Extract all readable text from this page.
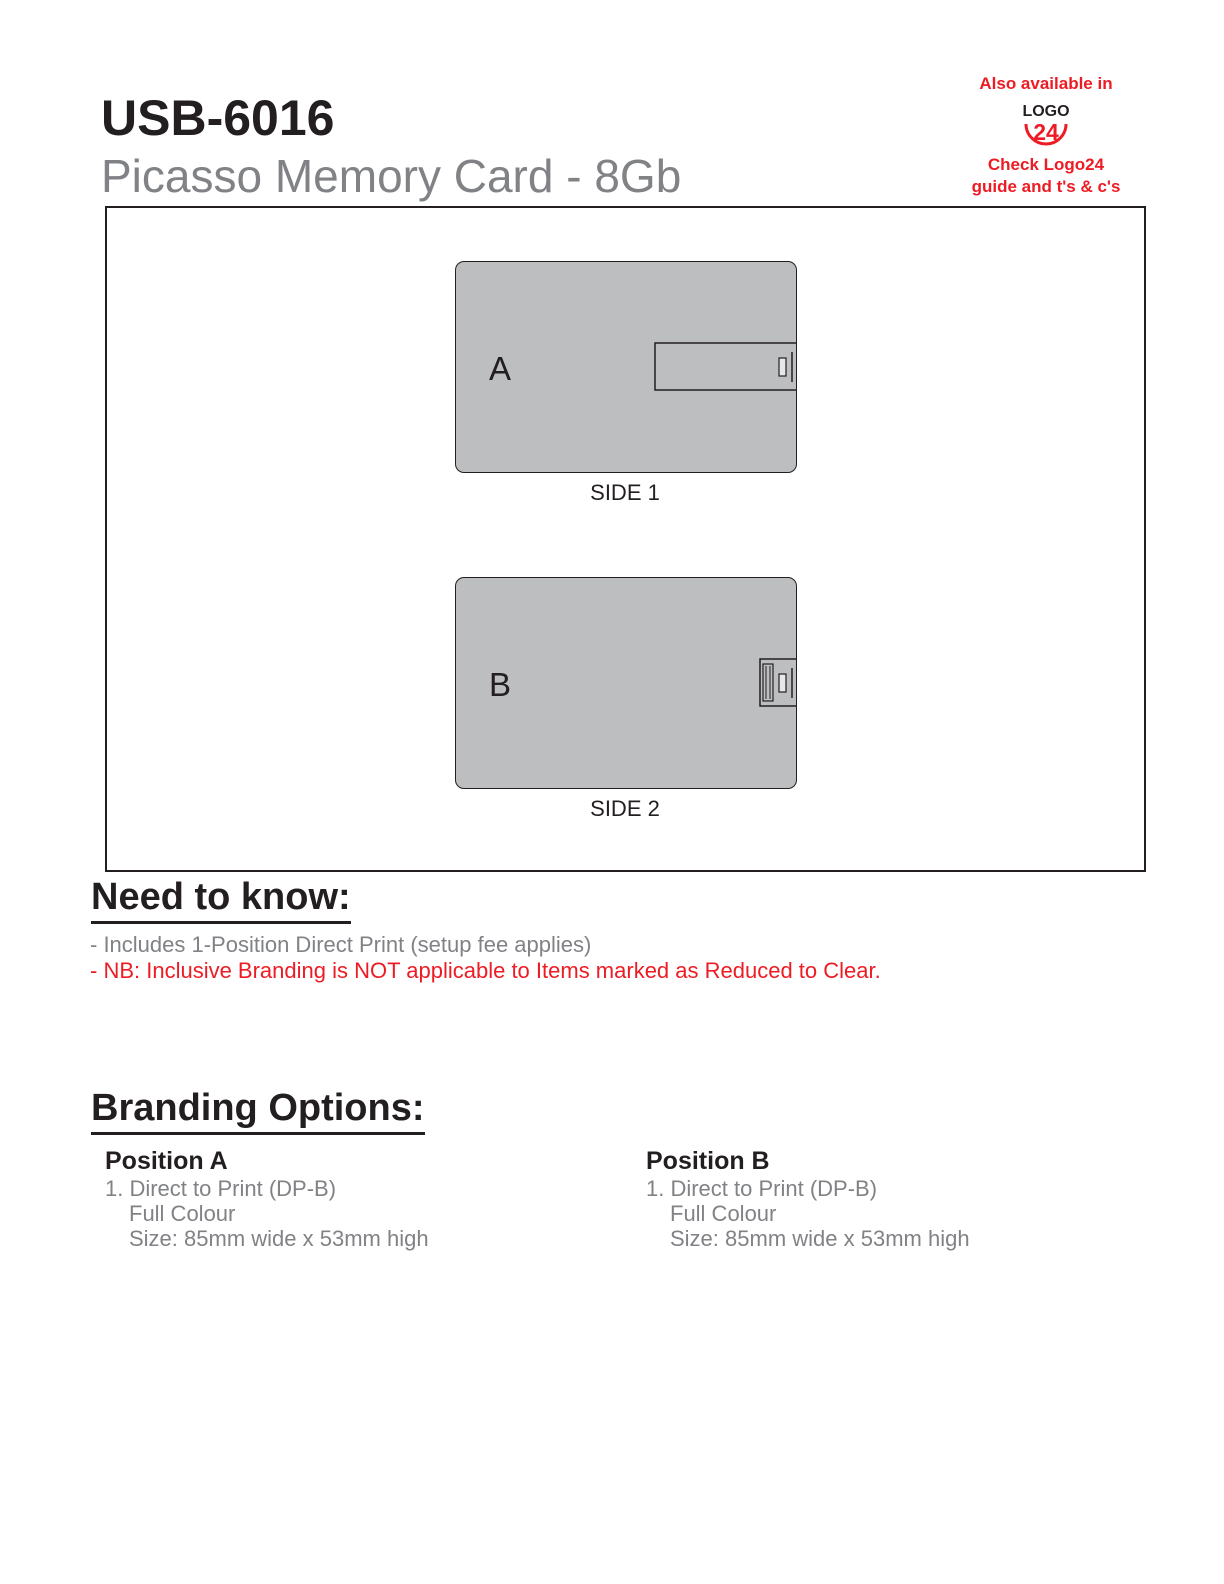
USB-6016
Picasso Memory Card - 8Gb
Also available in
LOGO
24
Check Logo24
guide and t's & c's
A
SIDE 1
B
SIDE 2
Need to know:
- Includes 1-Position Direct Print (setup fee applies)
- NB: Inclusive Branding is NOT applicable to Items marked as Reduced to Clear.
Branding Options:
Position A
1. Direct to Print (DP-B)
Full Colour
Size: 85mm wide x 53mm high
Position B
1. Direct to Print (DP-B)
Full Colour
Size: 85mm wide x 53mm high
